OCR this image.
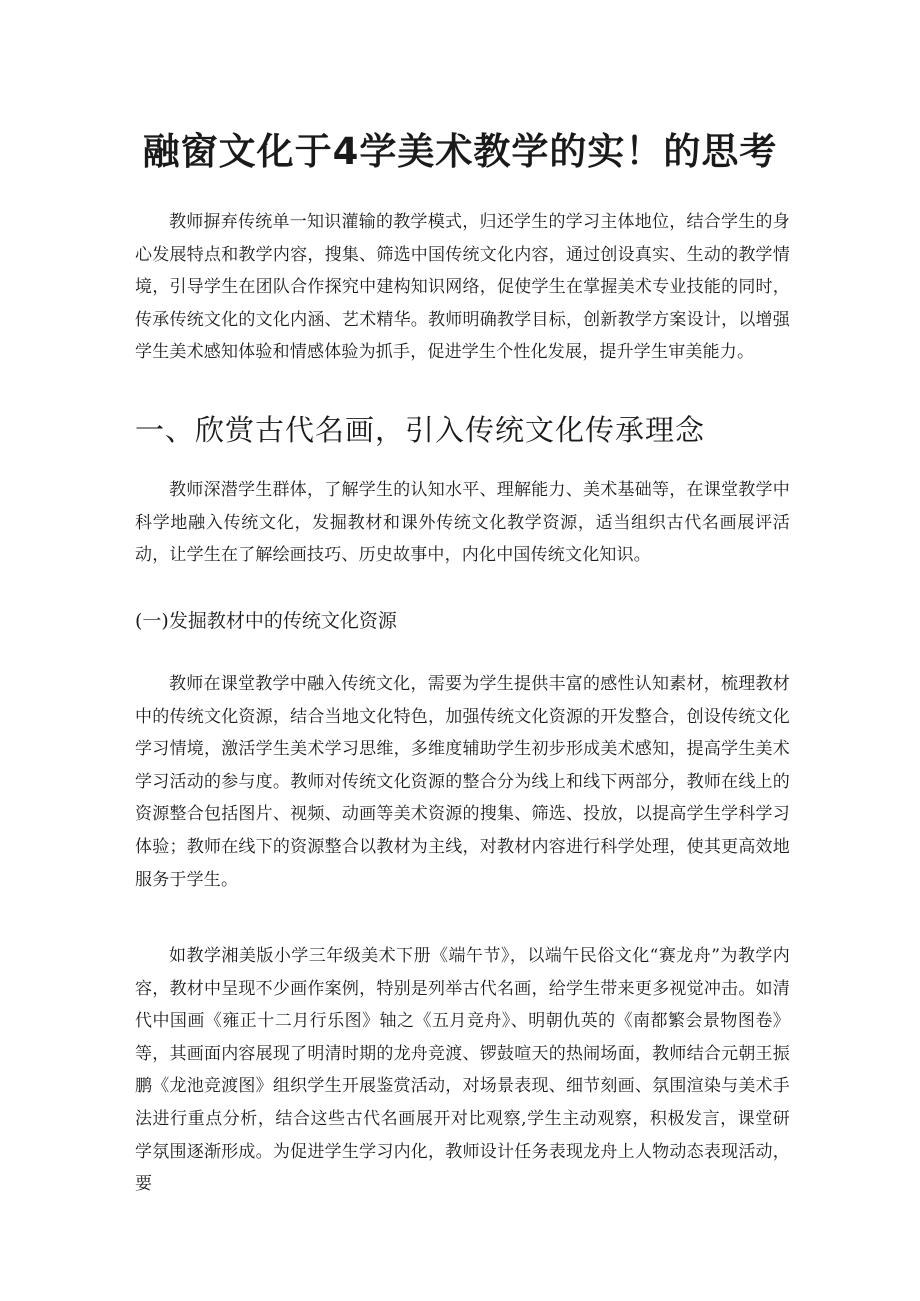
融窗文化于4学美术教学的实！的思考

教师摒弃传统单一知识灌输的教学模式，归还学生的学习主体地位，结合学生的身心发展特点和教学内容，搜集、筛选中国传统文化内容，通过创设真实、生动的教学情境，引导学生在团队合作探究中建构知识网络，促使学生在掌握美术专业技能的同时，传承传统文化的文化内涵、艺术精华。教师明确教学目标，创新教学方案设计，以增强学生美术感知体验和情感体验为抓手，促进学生个性化发展，提升学生审美能力。

一、欣赏古代名画，引入传统文化传承理念

教师深潜学生群体，了解学生的认知水平、理解能力、美术基础等，在课堂教学中科学地融入传统文化，发掘教材和课外传统文化教学资源，适当组织古代名画展评活动，让学生在了解绘画技巧、历史故事中，内化中国传统文化知识。

(一)发掘教材中的传统文化资源

教师在课堂教学中融入传统文化，需要为学生提供丰富的感性认知素材，梳理教材中的传统文化资源，结合当地文化特色，加强传统文化资源的开发整合，创设传统文化学习情境，激活学生美术学习思维，多维度辅助学生初步形成美术感知，提高学生美术学习活动的参与度。教师对传统文化资源的整合分为线上和线下两部分，教师在线上的资源整合包括图片、视频、动画等美术资源的搜集、筛选、投放，以提高学生学科学习体验；教师在线下的资源整合以教材为主线，对教材内容进行科学处理，使其更高效地服务于学生。

如教学湘美版小学三年级美术下册《端午节》，以端午民俗文化“赛龙舟”为教学内容，教材中呈现不少画作案例，特别是列举古代名画，给学生带来更多视觉冲击。如清代中国画《雍正十二月行乐图》轴之《五月竞舟》、明朝仇英的《南都繁会景物图卷》等，其画面内容展现了明清时期的龙舟竞渡、锣鼓喧天的热闹场面，教师结合元朝王振鹏《龙池竞渡图》组织学生开展鉴赏活动，对场景表现、细节刻画、氛围渲染与美术手法进行重点分析，结合这些古代名画展开对比观察,学生主动观察，积极发言，课堂研学氛围逐渐形成。为促进学生学习内化，教师设计任务表现龙舟上人物动态表现活动，要
